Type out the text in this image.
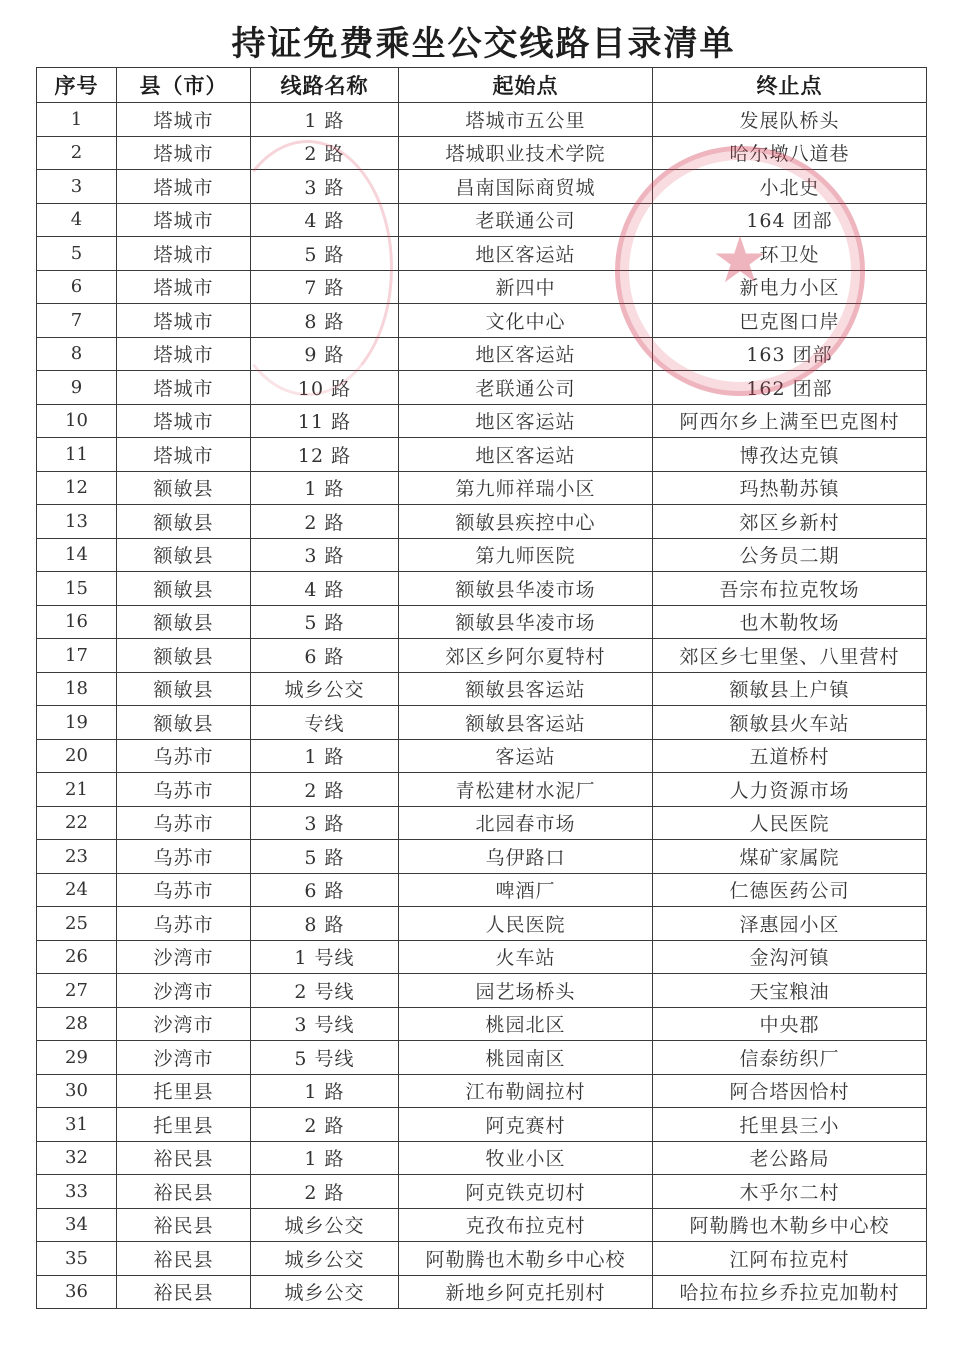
持证免费乘坐公交线路目录清单
序号	县（市）	线路名称	起始点	终止点
1	塔城市	1 路	塔城市五公里	发展队桥头
2	塔城市	2 路	塔城职业技术学院	哈尔墩八道巷
3	塔城市	3 路	昌南国际商贸城	小北史
4	塔城市	4 路	老联通公司	164 团部
5	塔城市	5 路	地区客运站	环卫处
6	塔城市	7 路	新四中	新电力小区
7	塔城市	8 路	文化中心	巴克图口岸
8	塔城市	9 路	地区客运站	163 团部
9	塔城市	10 路	老联通公司	162 团部
10	塔城市	11 路	地区客运站	阿西尔乡上满至巴克图村
11	塔城市	12 路	地区客运站	博孜达克镇
12	额敏县	1 路	第九师祥瑞小区	玛热勒苏镇
13	额敏县	2 路	额敏县疾控中心	郊区乡新村
14	额敏县	3 路	第九师医院	公务员二期
15	额敏县	4 路	额敏县华凌市场	吾宗布拉克牧场
16	额敏县	5 路	额敏县华凌市场	也木勒牧场
17	额敏县	6 路	郊区乡阿尔夏特村	郊区乡七里堡、八里营村
18	额敏县	城乡公交	额敏县客运站	额敏县上户镇
19	额敏县	专线	额敏县客运站	额敏县火车站
20	乌苏市	1 路	客运站	五道桥村
21	乌苏市	2 路	青松建材水泥厂	人力资源市场
22	乌苏市	3 路	北园春市场	人民医院
23	乌苏市	5 路	乌伊路口	煤矿家属院
24	乌苏市	6 路	啤酒厂	仁德医药公司
25	乌苏市	8 路	人民医院	泽惠园小区
26	沙湾市	1 号线	火车站	金沟河镇
27	沙湾市	2 号线	园艺场桥头	天宝粮油
28	沙湾市	3 号线	桃园北区	中央郡
29	沙湾市	5 号线	桃园南区	信泰纺织厂
30	托里县	1 路	江布勒阔拉村	阿合塔因恰村
31	托里县	2 路	阿克赛村	托里县三小
32	裕民县	1 路	牧业小区	老公路局
33	裕民县	2 路	阿克铁克切村	木乎尔二村
34	裕民县	城乡公交	克孜布拉克村	阿勒腾也木勒乡中心校
35	裕民县	城乡公交	阿勒腾也木勒乡中心校	江阿布拉克村
36	裕民县	城乡公交	新地乡阿克托别村	哈拉布拉乡乔拉克加勒村
★
